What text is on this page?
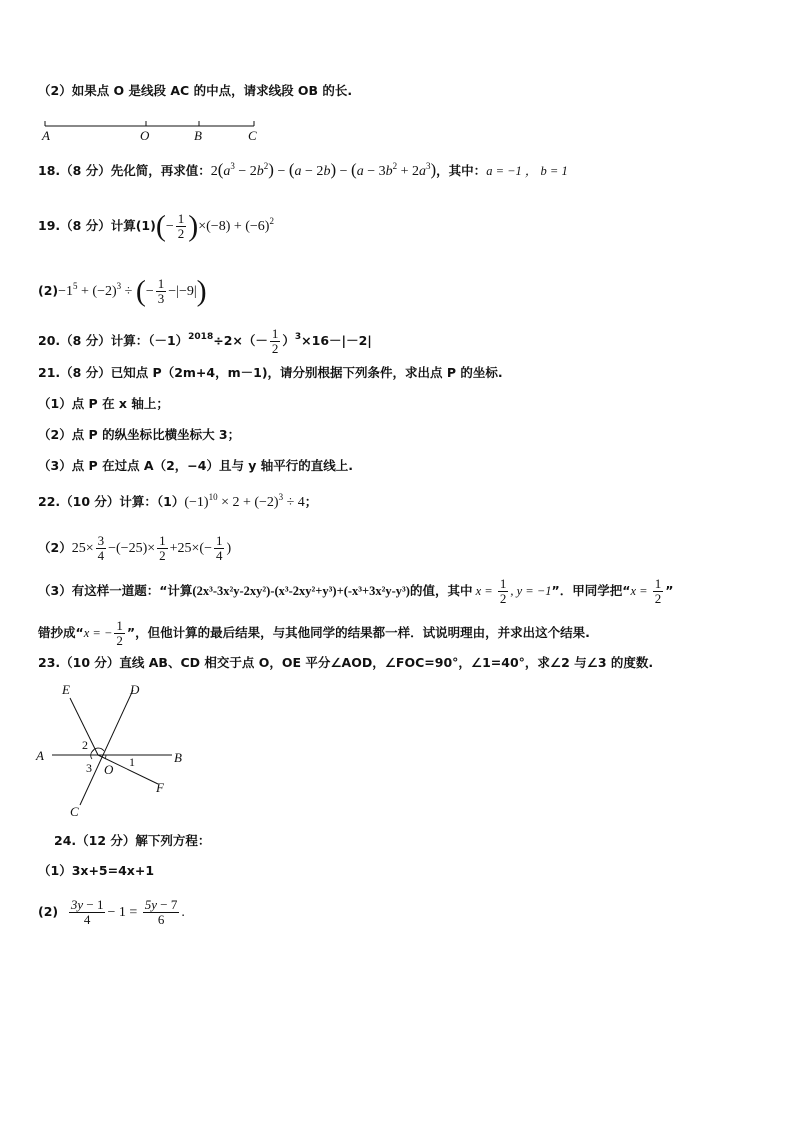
（2）如果点 O 是线段 AC 的中点，请求线段 OB 的长.
A	O	B	C
18.（8 分）先化简，再求值：$2(a^3 - 2b^2) - (a - 2b) - (a - 3b^2 + 2a^3)$，其中：a = −1 ， b = 1
19.（8 分）计算$(1)(- \frac{1}{2} )\times(-8) + (-6)^2$
$(2)-1^5 + (-2)^3$ ÷ (− $\frac{1}{3} -|-9|$)
20.（8 分）计算：$(-1)^{2018}\div 2\times(- \frac{1}{2} )^3\times 16-|-2|$
21.（8 分）已知点 P（2m+4，m－1)，请分别根据下列条件，求出点 P 的坐标.
（1）点 P 在 x 轴上；
（2）点 P 的纵坐标比横坐标大 3；
（3）点 P 在过点 A（2，−4）且与 y 轴平行的直线上.
22.（10 分）计算：$(1)(-1)^{10} \times 2 + (-2)^3 \div 4$；
$(2)25\times \frac{3}{4} -(-25)\times \frac{1}{2} +25\times(- \frac{1}{4}$ )
（3）有这样一道题：“计算(2x³-3x²y-2xy²)-(x³-2xy²+y³)+(-x³+3x²y-y³)的值，其中 $x = \frac{1}{2}$ , y = −1”．甲同学把“$x = \frac{1}{2}$ ”
错抄成“x = − $\frac{1}{2}$ ”，但他计算的最后结果，与其他同学的结果都一样．试说明理由，并求出这个结果.
23.（10 分）直线 AB、CD 相交于点 O，OE 平分∠AOD，∠FOC=90°，∠1=40°，求∠2 与∠3 的度数.
E	D
A	B
C
F
O 1
2
3
24.（12 分）解下列方程：
（1）3x+5=4x+1
$(2) \frac{3y - 1}{4} - 1 = \frac{5y - 7}{6}$ .
